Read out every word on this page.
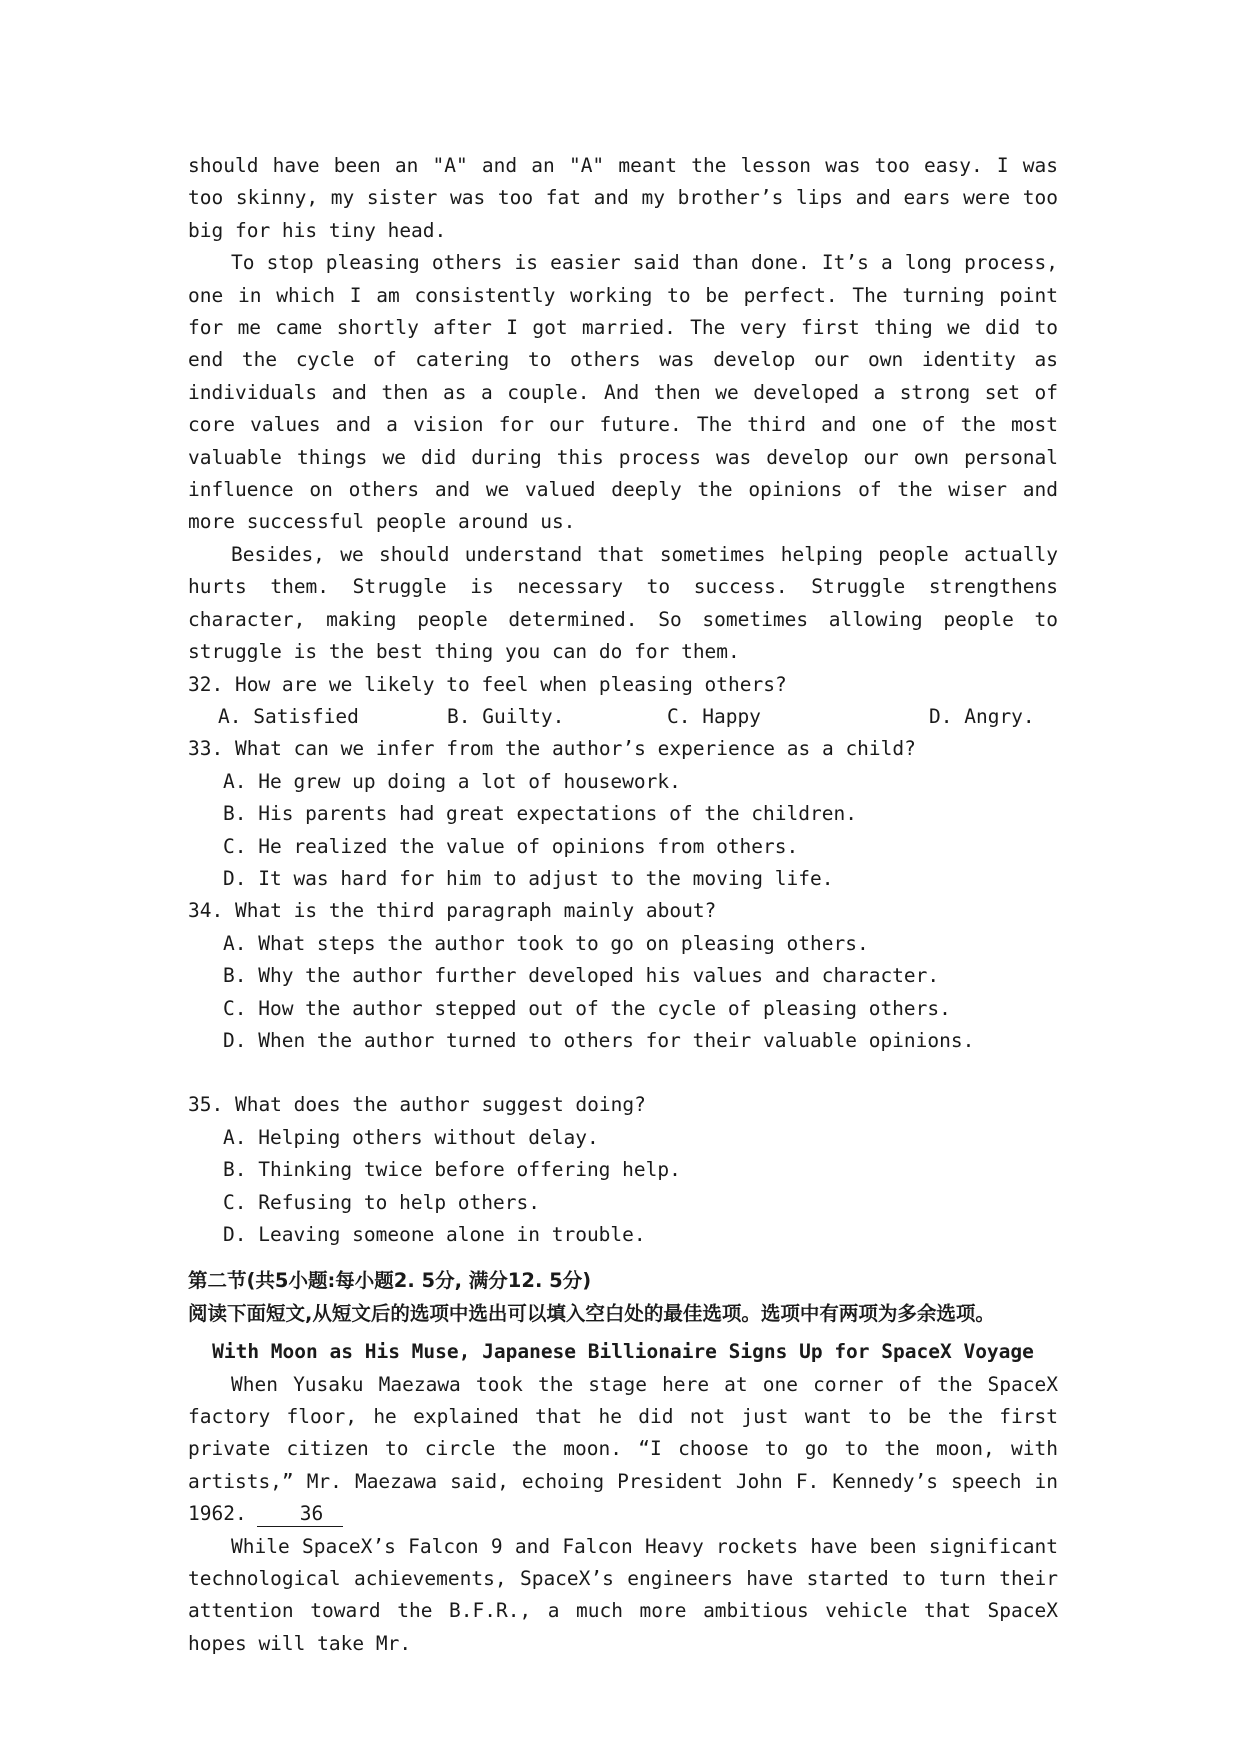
should have been an "A" and an "A" meant the lesson was too easy. I was too skinny, my sister was too fat and my brother’s lips and ears were too big for his tiny head.

To stop pleasing others is easier said than done. It’s a long process, one in which I am consistently working to be perfect. The turning point for me came shortly after I got married. The very first thing we did to end the cycle of catering to others was develop our own identity as individuals and then as a couple. And then we developed a strong set of core values and a vision for our future. The third and one of the most valuable things we did during this process was develop our own personal influence on others and we valued deeply the opinions of the wiser and more successful people around us.

Besides, we should understand that sometimes helping people actually hurts them. Struggle is necessary to success. Struggle strengthens character, making people determined. So sometimes allowing people to struggle is the best thing you can do for them.

32. How are we likely to feel when pleasing others?

A. Satisfied	B. Guilty.	C. Happy	D. Angry.

33. What can we infer from the author’s experience as a child?

A. He grew up doing a lot of housework.

B. His parents had great expectations of the children.

C. He realized the value of opinions from others.

D. It was hard for him to adjust to the moving life.

34. What is the third paragraph mainly about?

A. What steps the author took to go on pleasing others.

B. Why the author further developed his values and character.

C. How the author stepped out of the cycle of pleasing others.

D. When the author turned to others for their valuable opinions.

35. What does the author suggest doing?

A. Helping others without delay.

B. Thinking twice before offering help.

C. Refusing to help others.

D. Leaving someone alone in trouble.

第二节(共5小题:每小题2. 5分, 满分12. 5分)

阅读下面短文,从短文后的选项中选出可以填入空白处的最佳选项。选项中有两项为多余选项。

With Moon as His Muse, Japanese Billionaire Signs Up for SpaceX Voyage

When Yusaku Maezawa took the stage here at one corner of the SpaceX factory floor, he explained that he did not just want to be the first private citizen to circle the moon. “I choose to go to the moon, with artists,” Mr. Maezawa said, echoing President John F. Kennedy’s speech in 1962.	36

While SpaceX’s Falcon 9 and Falcon Heavy rockets have been significant technological achievements, SpaceX’s engineers have started to turn their attention toward the B.F.R., a much more ambitious vehicle that SpaceX hopes will take Mr.
